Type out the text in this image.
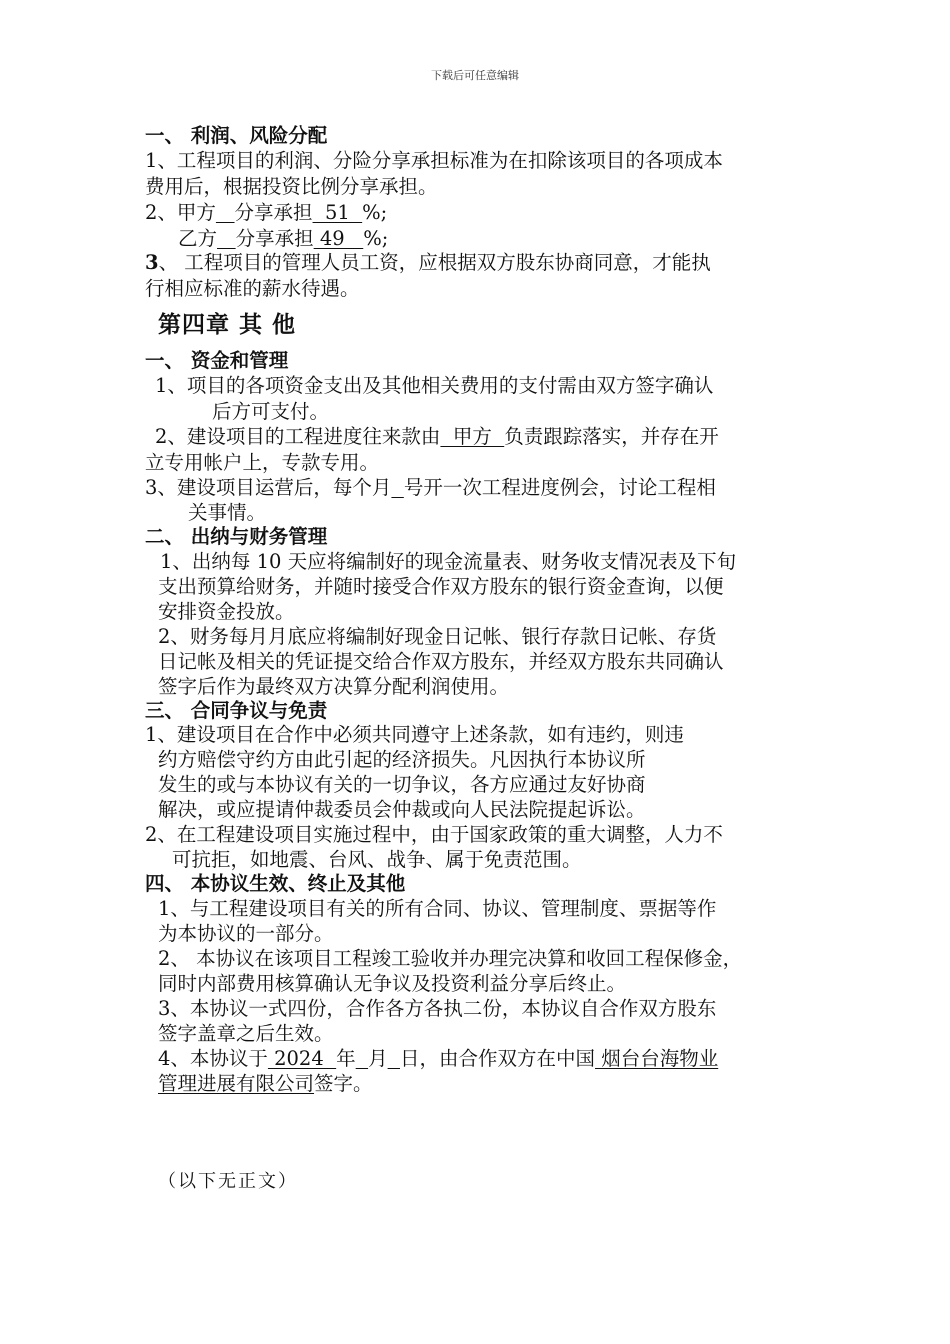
下载后可任意编辑
一、 利润、风险分配
1、工程项目的利润、分险分享承担标准为在扣除该项目的各项成本
费用后，根据投资比例分享承担。
2、甲方 分享承担  51  %;
乙方 分享承担 49   %;
3、 工程项目的管理人员工资，应根据双方股东协商同意，才能执
行相应标准的薪水待遇。
第四章 其 他
一、 资金和管理
1、项目的各项资金支出及其他相关费用的支付需由双方签字确认
后方可支付。
2、建设项目的工程进度往来款由  甲方  负责跟踪落实，并存在开
立专用帐户上，专款专用。
3、建设项目运营后，每个月 号开一次工程进度例会，讨论工程相
关事情。
二、 出纳与财务管理
1、出纳每 10 天应将编制好的现金流量表、财务收支情况表及下旬
支出预算给财务，并随时接受合作双方股东的银行资金查询，以便
安排资金投放。
2、财务每月月底应将编制好现金日记帐、银行存款日记帐、存货
日记帐及相关的凭证提交给合作双方股东，并经双方股东共同确认
签字后作为最终双方决算分配利润使用。
三、 合同争议与免责
1、建设项目在合作中必须共同遵守上述条款，如有违约，则违
约方赔偿守约方由此引起的经济损失。凡因执行本协议所
发生的或与本协议有关的一切争议，各方应通过友好协商
解决，或应提请仲裁委员会仲裁或向人民法院提起诉讼。
2、在工程建设项目实施过程中，由于国家政策的重大调整，人力不
可抗拒，如地震、台风、战争、属于免责范围。
四、 本协议生效、终止及其他
1、与工程建设项目有关的所有合同、协议、管理制度、票据等作
为本协议的一部分。
2、 本协议在该项目工程竣工验收并办理完决算和收回工程保修金，
同时内部费用核算确认无争议及投资利益分享后终止。
3、本协议一式四份，合作各方各执二份，本协议自合作双方股东
签字盖章之后生效。
4、本协议于 2024  年 月 日，由合作双方在中国 烟台台海物业
管理进展有限公司签字。
（以下无正文）
